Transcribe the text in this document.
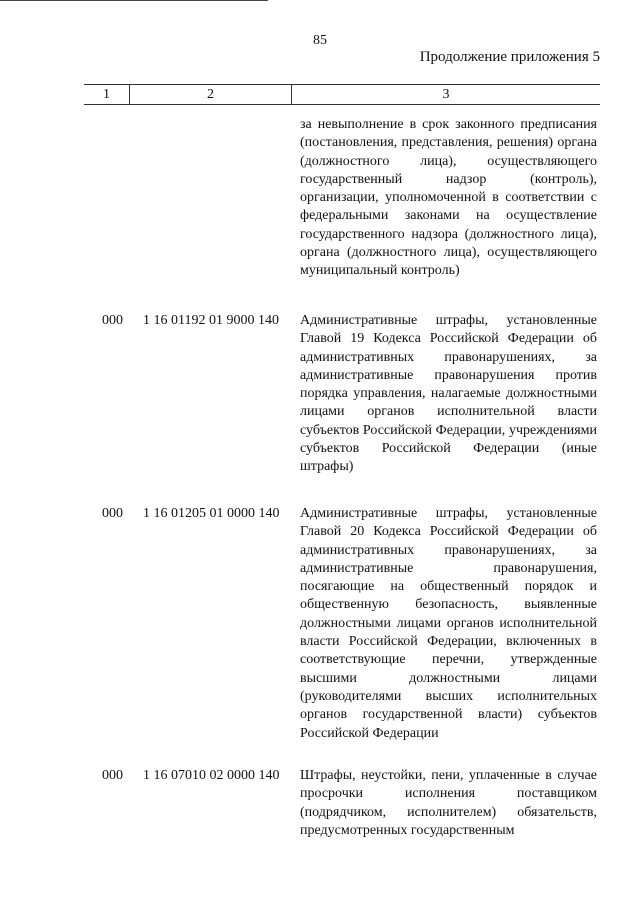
85
Продолжение приложения 5
1	2	3
за невыполнение в срок законного предписания (постановления, представления, решения) органа (должностного лица), осуществляющего государственный надзор (контроль), организации, уполномоченной в соответствии с федеральными законами на осуществление государственного надзора (должностного лица), органа (должностного лица), осуществляющего муниципальный контроль)
000 1 16 01192 01 9000 140 Административные штрафы, установленные Главой 19 Кодекса Российской Федерации об административных правонарушениях, за административные правонарушения против порядка управления, налагаемые должностными лицами органов исполнительной власти субъектов Российской Федерации, учреждениями субъектов Российской Федерации (иные штрафы)
000 1 16 01205 01 0000 140 Административные штрафы, установленные Главой 20 Кодекса Российской Федерации об административных правонарушениях, за административные правонарушения, посягающие на общественный порядок и общественную безопасность, выявленные должностными лицами органов исполнительной власти Российской Федерации, включенных в соответствующие перечни, утвержденные высшими должностными лицами (руководителями высших исполнительных органов государственной власти) субъектов Российской Федерации
000 1 16 07010 02 0000 140 Штрафы, неустойки, пени, уплаченные в случае просрочки исполнения поставщиком (подрядчиком, исполнителем) обязательств, предусмотренных государственным
